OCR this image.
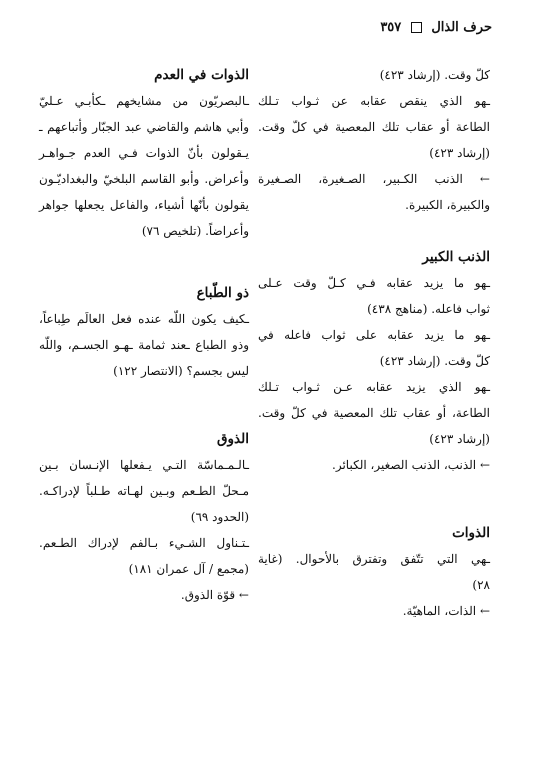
حرف الذال  ٣٥٧
كلّ وقت. (إرشاد ٤٢٣)
ـهو الذي ينقص عقابه عن ثـواب تـلك
الطاعة أو عقاب تلك المعصية في كلّ وقت.
(إرشاد ٤٢٣)
← الذنب الكـبير، الصـغيرة، الصـغيرة
والكبيرة، الكبيرة.
الذنب الكبير
ـهو ما يزيد عقابه فـي كـلّ وقت عـلى
ثواب فاعله. (مناهج ٤٣٨)
ـهو ما يزيد عقابه على ثواب فاعله في
كلّ وقت. (إرشاد ٤٢٣)
ـهو الذي يزيد عقابه عـن ثـواب تـلك
الطاعة، أو عقاب تلك المعصية في كلّ وقت.
(إرشاد ٤٢٣)
← الذنب، الذنب الصغير، الكبائر.
الذوات
ـهي التي تتّفق وتفترق بالأحوال. (غاية
٢٨)
← الذات، الماهيّة.
الذوات في العدم
ـالبصريّون من مشايخهم ـكأبـي عـليّ
وأبي هاشم والقاضي عبد الجبّار وأتباعهم ـ
يـقولون بأنّ الذوات فـي العدم جـواهـر
وأعراض. وأبو القاسم البلخيّ والبغداديّـون
يقولون بأنّها أشياء، والفاعل يجعلها جواهر
وأعراضاً. (تلخيص ٧٦)
ذو الطّباع
ـكيف يكون اللّه عنده فعل العالَم طِباعاً،
وذو الطباع ـعند ثمامة ـهـو الجسـم، واللّه
ليس بجسم؟ (الانتصار ١٢٢)
الذوق
ـالـمـماسّة التـي يـفعلها الإنـسان بـين
مـحلّ الطـعم وبـين لهـاته طـلباً لإدراكـه.
(الحدود ٦٩)
ـتـناول الشـيء بـالفم لإدراك الطـعم.
(مجمع / آل عمران ١٨١)
← قوّة الذوق.
